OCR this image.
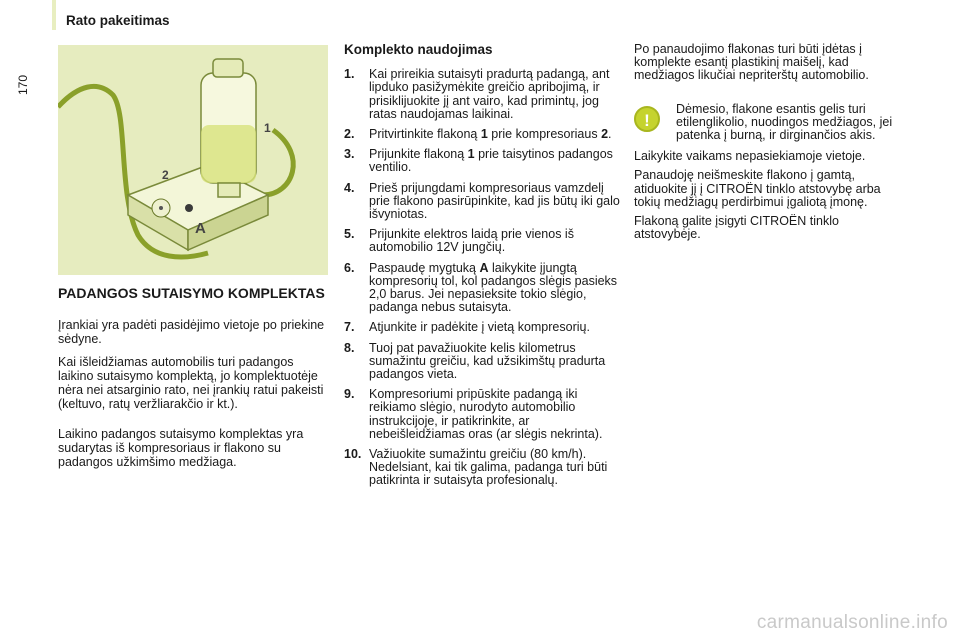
Rato pakeitimas
170
1
2
A
PADANGOS SUTAISYMO KOMPLEKTAS

Įrankiai yra padėti pasidėjimo vietoje po priekine sėdyne.

Kai išleidžiamas automobilis turi padangos laikino sutaisymo komplektą, jo komplektuotėje nėra nei atsarginio rato, nei įrankių ratui pakeisti (keltuvo, ratų veržliarakčio ir kt.).

Laikino padangos sutaisymo komplektas yra sudarytas iš kompresoriaus ir flakono su padangos užkimšimo medžiaga.

Komplekto naudojimas
1.	Kai prireikia sutaisyti pradurtą padangą, ant lipduko pasižymėkite greičio apribojimą, ir prisiklijuokite jį ant vairo, kad primintų, jog ratas naudojamas laikinai.
2.	Pritvirtinkite flakoną 1 prie kompresoriaus 2.
3.	Prijunkite flakoną 1 prie taisytinos padangos ventilio.
4.	Prieš prijungdami kompresoriaus vamzdelį prie flakono pasirūpinkite, kad jis būtų iki galo išvyniotas.
5.	Prijunkite elektros laidą prie vienos iš automobilio 12V jungčių.
6.	Paspaudę mygtuką A laikykite įjungtą kompresorių tol, kol padangos slėgis pasieks 2,0 barus. Jei nepasieksite tokio slėgio, padanga nebus sutaisyta.
7.	Atjunkite ir padėkite į vietą kompresorių.
8.	Tuoj pat pavažiuokite kelis kilometrus sumažintu greičiu, kad užsikimštų pradurta padangos vieta.
9.	Kompresoriumi pripūskite padangą iki reikiamo slėgio, nurodyto automobilio instrukcijoje, ir patikrinkite, ar nebeišleidžiamas oras (ar slėgis nekrinta).
10. Važiuokite sumažintu greičiu (80 km/h). Nedelsiant, kai tik galima, padanga turi būti patikrinta ir sutaisyta profesionalų.

Po panaudojimo flakonas turi būti įdėtas į komplekte esantį plastikinį maišelį, kad medžiagos likučiai nepriterštų automobilio.

!
Dėmesio, flakone esantis gelis turi etilenglikolio, nuodingos medžiagos, jei patenka į burną, ir dirginančios akis.

Laikykite vaikams nepasiekiamoje vietoje.

Panaudoję neišmeskite flakono į gamtą, atiduokite jį į CITROËN tinklo atstovybę arba tokių medžiagų perdirbimui įgaliotą įmonę.

Flakoną galite įsigyti CITROËN tinklo atstovybėje.

carmanualsonline.info
